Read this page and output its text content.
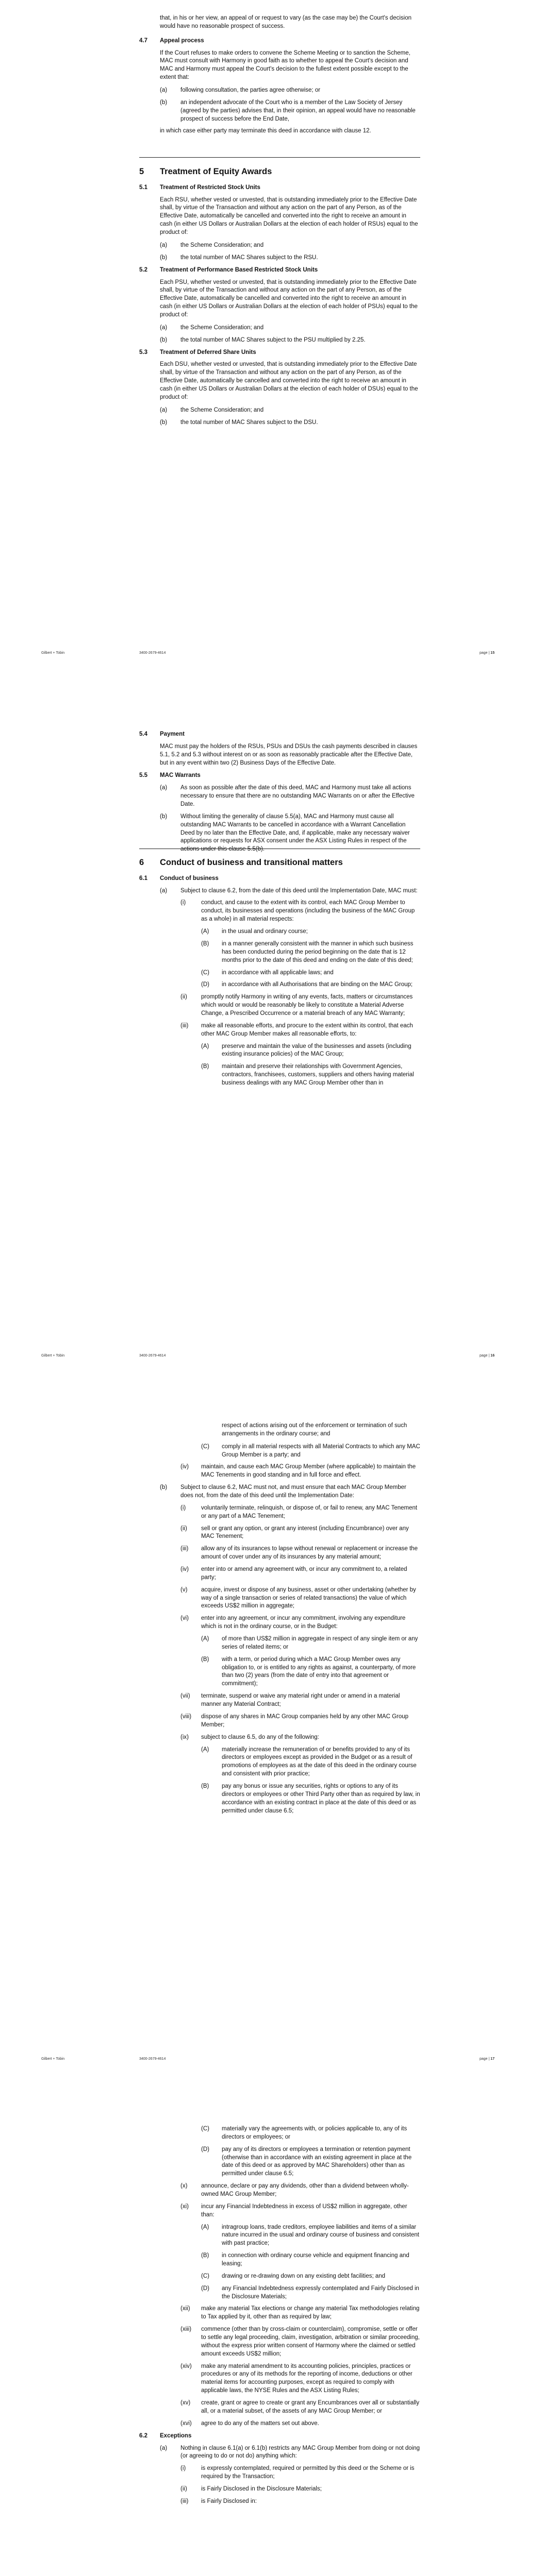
that, in his or her view, an appeal of or request to vary (as the case may be) the Court's decision would have no reasonable prospect of success.

4.7	Appeal process

If the Court refuses to make orders to convene the Scheme Meeting or to sanction the Scheme, MAC must consult with Harmony in good faith as to whether to appeal the Court's decision and MAC and Harmony must appeal the Court's decision to the fullest extent possible except to the extent that:

(a)	following consultation, the parties agree otherwise; or
(b)	an independent advocate of the Court who is a member of the Law Society of Jersey (agreed by the parties) advises that, in their opinion, an appeal would have no reasonable prospect of success before the End Date,

in which case either party may terminate this deed in accordance with clause 12.

5	Treatment of Equity Awards
5.1	Treatment of Restricted Stock Units

Each RSU, whether vested or unvested, that is outstanding immediately prior to the Effective Date shall, by virtue of the Transaction and without any action on the part of any Person, as of the Effective Date, automatically be cancelled and converted into the right to receive an amount in cash (in either US Dollars or Australian Dollars at the election of each holder of RSUs) equal to the product of:

(a)	the Scheme Consideration; and
(b)	the total number of MAC Shares subject to the RSU.
5.2	Treatment of Performance Based Restricted Stock Units

Each PSU, whether vested or unvested, that is outstanding immediately prior to the Effective Date shall, by virtue of the Transaction and without any action on the part of any Person, as of the Effective Date, automatically be cancelled and converted into the right to receive an amount in cash (in either US Dollars or Australian Dollars at the election of each holder of PSUs) equal to the product of:

(a)	the Scheme Consideration; and
(b)	the total number of MAC Shares subject to the PSU multiplied by 2.25.
5.3	Treatment of Deferred Share Units

Each DSU, whether vested or unvested, that is outstanding immediately prior to the Effective Date shall, by virtue of the Transaction and without any action on the part of any Person, as of the Effective Date, automatically be cancelled and converted into the right to receive an amount in cash (in either US Dollars or Australian Dollars at the election of each holder of DSUs) equal to the product of:

(a)	the Scheme Consideration; and
(b)	the total number of MAC Shares subject to the DSU.
Gilbert + Tobin	3400-2679-4614	page | 15
5.4	Payment

MAC must pay the holders of the RSUs, PSUs and DSUs the cash payments described in clauses 5.1, 5.2 and 5.3 without interest on or as soon as reasonably practicable after the Effective Date, but in any event within two (2) Business Days of the Effective Date.

5.5	MAC Warrants
(a)	As soon as possible after the date of this deed, MAC and Harmony must take all actions necessary to ensure that there are no outstanding MAC Warrants on or after the Effective Date.
(b)	Without limiting the generality of clause 5.5(a), MAC and Harmony must cause all outstanding MAC Warrants to be cancelled in accordance with a Warrant Cancellation Deed by no later than the Effective Date, and, if applicable, make any necessary waiver applications or requests for ASX consent under the ASX Listing Rules in respect of the actions under this clause 5.5(b).
6	Conduct of business and transitional matters
6.1	Conduct of business
(a)	Subject to clause 6.2, from the date of this deed until the Implementation Date, MAC must:
(i)	conduct, and cause to the extent with its control, each MAC Group Member to conduct, its businesses and operations (including the business of the MAC Group as a whole) in all material respects:
(A)	in the usual and ordinary course;
(B)	in a manner generally consistent with the manner in which such business has been conducted during the period beginning on the date that is 12 months prior to the date of this deed and ending on the date of this deed;
(C)	in accordance with all applicable laws; and
(D)	in accordance with all Authorisations that are binding on the MAC Group;
(ii)	promptly notify Harmony in writing of any events, facts, matters or circumstances which would or would be reasonably be likely to constitute a Material Adverse Change, a Prescribed Occurrence or a material breach of any MAC Warranty;
(iii)	make all reasonable efforts, and procure to the extent within its control, that each other MAC Group Member makes all reasonable efforts, to:
(A)	preserve and maintain the value of the businesses and assets (including existing insurance policies) of the MAC Group;
(B)	maintain and preserve their relationships with Government Agencies, contractors, franchisees, customers, suppliers and others having material business dealings with any MAC Group Member other than in
Gilbert + Tobin	3400-2679-4614	page | 16

respect of actions arising out of the enforcement or termination of such arrangements in the ordinary course; and

(C)	comply in all material respects with all Material Contracts to which any MAC Group Member is a party; and
(iv)	maintain, and cause each MAC Group Member (where applicable) to maintain the MAC Tenements in good standing and in full force and effect.
(b)	Subject to clause 6.2, MAC must not, and must ensure that each MAC Group Member does not, from the date of this deed until the Implementation Date:
(i)	voluntarily terminate, relinquish, or dispose of, or fail to renew, any MAC Tenement or any part of a MAC Tenement;
(ii)	sell or grant any option, or grant any interest (including Encumbrance) over any MAC Tenement;
(iii)	allow any of its insurances to lapse without renewal or replacement or increase the amount of cover under any of its insurances by any material amount;
(iv)	enter into or amend any agreement with, or incur any commitment to, a related party;
(v)	acquire, invest or dispose of any business, asset or other undertaking (whether by way of a single transaction or series of related transactions) the value of which exceeds US$2 million in aggregate;
(vi)	enter into any agreement, or incur any commitment, involving any expenditure which is not in the ordinary course, or in the Budget:
(A)	of more than US$2 million in aggregate in respect of any single item or any series of related items; or
(B)	with a term, or period during which a MAC Group Member owes any obligation to, or is entitled to any rights as against, a counterparty, of more than two (2) years (from the date of entry into that agreement or commitment);
(vii)	terminate, suspend or waive any material right under or amend in a material manner any Material Contract;
(viii)	dispose of any shares in MAC Group companies held by any other MAC Group Member;
(ix)	subject to clause 6.5, do any of the following:
(A)	materially increase the remuneration of or benefits provided to any of its directors or employees except as provided in the Budget or as a result of promotions of employees as at the date of this deed in the ordinary course and consistent with prior practice;
(B)	pay any bonus or issue any securities, rights or options to any of its directors or employees or other Third Party other than as required by law, in accordance with an existing contract in place at the date of this deed or as permitted under clause 6.5;
Gilbert + Tobin	3400-2679-4614	page | 17
(C)	materially vary the agreements with, or policies applicable to, any of its directors or employees; or
(D)	pay any of its directors or employees a termination or retention payment (otherwise than in accordance with an existing agreement in place at the date of this deed or as approved by MAC Shareholders) other than as permitted under clause 6.5;
(x)	announce, declare or pay any dividends, other than a dividend between wholly-owned MAC Group Member;
(xi)	incur any Financial Indebtedness in excess of US$2 million in aggregate, other than:
(A)	intragroup loans, trade creditors, employee liabilities and items of a similar nature incurred in the usual and ordinary course of business and consistent with past practice;
(B)	in connection with ordinary course vehicle and equipment financing and leasing;
(C)	drawing or re-drawing down on any existing debt facilities; and
(D)	any Financial Indebtedness expressly contemplated and Fairly Disclosed in the Disclosure Materials;
(xii)	make any material Tax elections or change any material Tax methodologies relating to Tax applied by it, other than as required by law;
(xiii)	commence (other than by cross-claim or counterclaim), compromise, settle or offer to settle any legal proceeding, claim, investigation, arbitration or similar proceeding, without the express prior written consent of Harmony where the claimed or settled amount exceeds US$2 million;
(xiv)	make any material amendment to its accounting policies, principles, practices or procedures or any of its methods for the reporting of income, deductions or other material items for accounting purposes, except as required to comply with applicable laws, the NYSE Rules and the ASX Listing Rules;
(xv)	create, grant or agree to create or grant any Encumbrances over all or substantially all, or a material subset, of the assets of any MAC Group Member; or
(xvi)	agree to do any of the matters set out above.
6.2	Exceptions
(a)	Nothing in clause 6.1(a) or 6.1(b) restricts any MAC Group Member from doing or not doing (or agreeing to do or not do) anything which:
(i)	is expressly contemplated, required or permitted by this deed or the Scheme or is required by the Transaction;
(ii)	is Fairly Disclosed in the Disclosure Materials;
(iii)	is Fairly Disclosed in:
